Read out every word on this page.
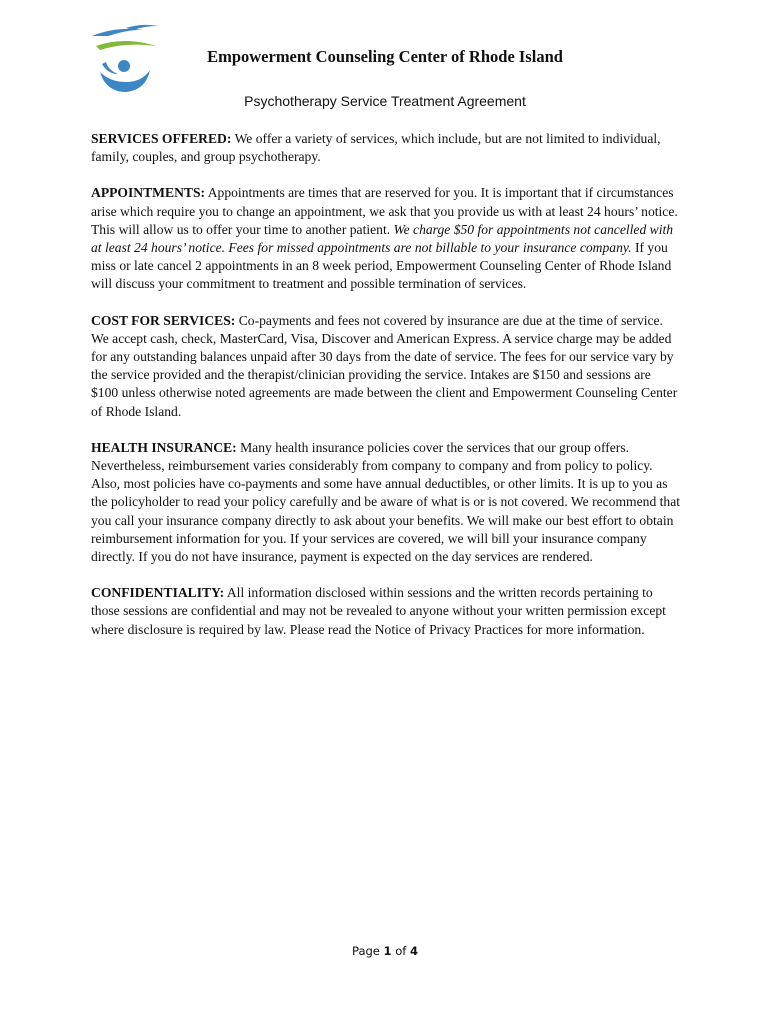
Empowerment Counseling Center of Rhode Island
Psychotherapy Service Treatment Agreement

SERVICES OFFERED: We offer a variety of services, which include, but are not limited to individual, family, couples, and group psychotherapy.

APPOINTMENTS: Appointments are times that are reserved for you. It is important that if circumstances arise which require you to change an appointment, we ask that you provide us with at least 24 hours’ notice. This will allow us to offer your time to another patient. We charge $50 for appointments not cancelled with at least 24 hours’ notice. Fees for missed appointments are not billable to your insurance company. If you miss or late cancel 2 appointments in an 8 week period, Empowerment Counseling Center of Rhode Island will discuss your commitment to treatment and possible termination of services.

COST FOR SERVICES: Co-payments and fees not covered by insurance are due at the time of service. We accept cash, check, MasterCard, Visa, Discover and American Express. A service charge may be added for any outstanding balances unpaid after 30 days from the date of service. The fees for our service vary by the service provided and the therapist/clinician providing the service. Intakes are $150 and sessions are $100 unless otherwise noted agreements are made between the client and Empowerment Counseling Center of Rhode Island.

HEALTH INSURANCE: Many health insurance policies cover the services that our group offers. Nevertheless, reimbursement varies considerably from company to company and from policy to policy. Also, most policies have co-payments and some have annual deductibles, or other limits. It is up to you as the policyholder to read your policy carefully and be aware of what is or is not covered. We recommend that you call your insurance company directly to ask about your benefits. We will make our best effort to obtain reimbursement information for you. If your services are covered, we will bill your insurance company directly. If you do not have insurance, payment is expected on the day services are rendered.

CONFIDENTIALITY: All information disclosed within sessions and the written records pertaining to those sessions are confidential and may not be revealed to anyone without your written permission except where disclosure is required by law. Please read the Notice of Privacy Practices for more information.

Page 1 of 4
